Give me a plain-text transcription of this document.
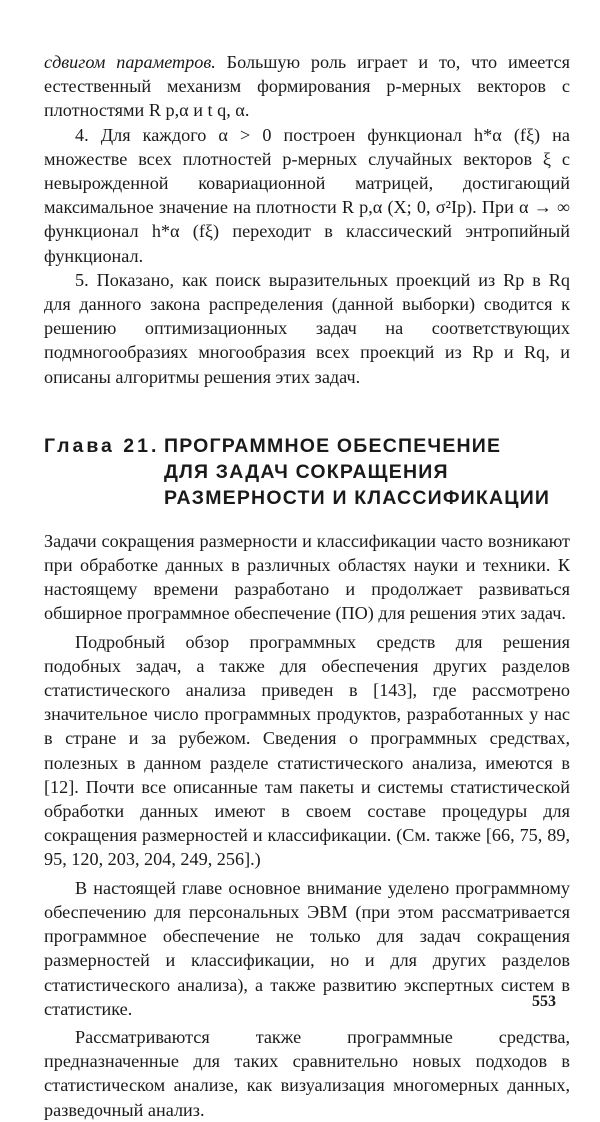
сдвигом параметров. Большую роль играет и то, что имеется естественный механизм формирования p-мерных векторов с плотностями R p,α и t q, α.

4. Для каждого α > 0 построен функционал h*α (fξ) на множестве всех плотностей p-мерных случайных векторов ξ с невырожденной ковариационной матрицей, достигающий максимальное значение на плотности R p,α (X; 0, σ²Ip). При α → ∞ функционал h*α (fξ) переходит в классический энтропийный функционал.

5. Показано, как поиск выразительных проекций из Rp в Rq для данного закона распределения (данной выборки) сводится к решению оптимизационных задач на соответствующих подмногообразиях многообразия всех проекций из Rp и Rq, и описаны алгоритмы решения этих задач.

Глава 21. ПРОГРАММНОЕ ОБЕСПЕЧЕНИЕ
ДЛЯ ЗАДАЧ СОКРАЩЕНИЯ
РАЗМЕРНОСТИ И КЛАССИФИКАЦИИ

Задачи сокращения размерности и классификации часто возникают при обработке данных в различных областях науки и техники. К настоящему времени разработано и продолжает развиваться обширное программное обеспечение (ПО) для решения этих задач.

Подробный обзор программных средств для решения подобных задач, а также для обеспечения других разделов статистического анализа приведен в [143], где рассмотрено значительное число программных продуктов, разработанных у нас в стране и за рубежом. Сведения о программных средствах, полезных в данном разделе статистического анализа, имеются в [12]. Почти все описанные там пакеты и системы статистической обработки данных имеют в своем составе процедуры для сокращения размерностей и классификации. (См. также [66, 75, 89, 95, 120, 203, 204, 249, 256].)

В настоящей главе основное внимание уделено программному обеспечению для персональных ЭВМ (при этом рассматривается программное обеспечение не только для задач сокращения размерностей и классификации, но и для других разделов статистического анализа), а также развитию экспертных систем в статистике.

Рассматриваются также программные средства, предназначенные для таких сравнительно новых подходов в статистическом анализе, как визуализация многомерных данных, разведочный анализ.

553
